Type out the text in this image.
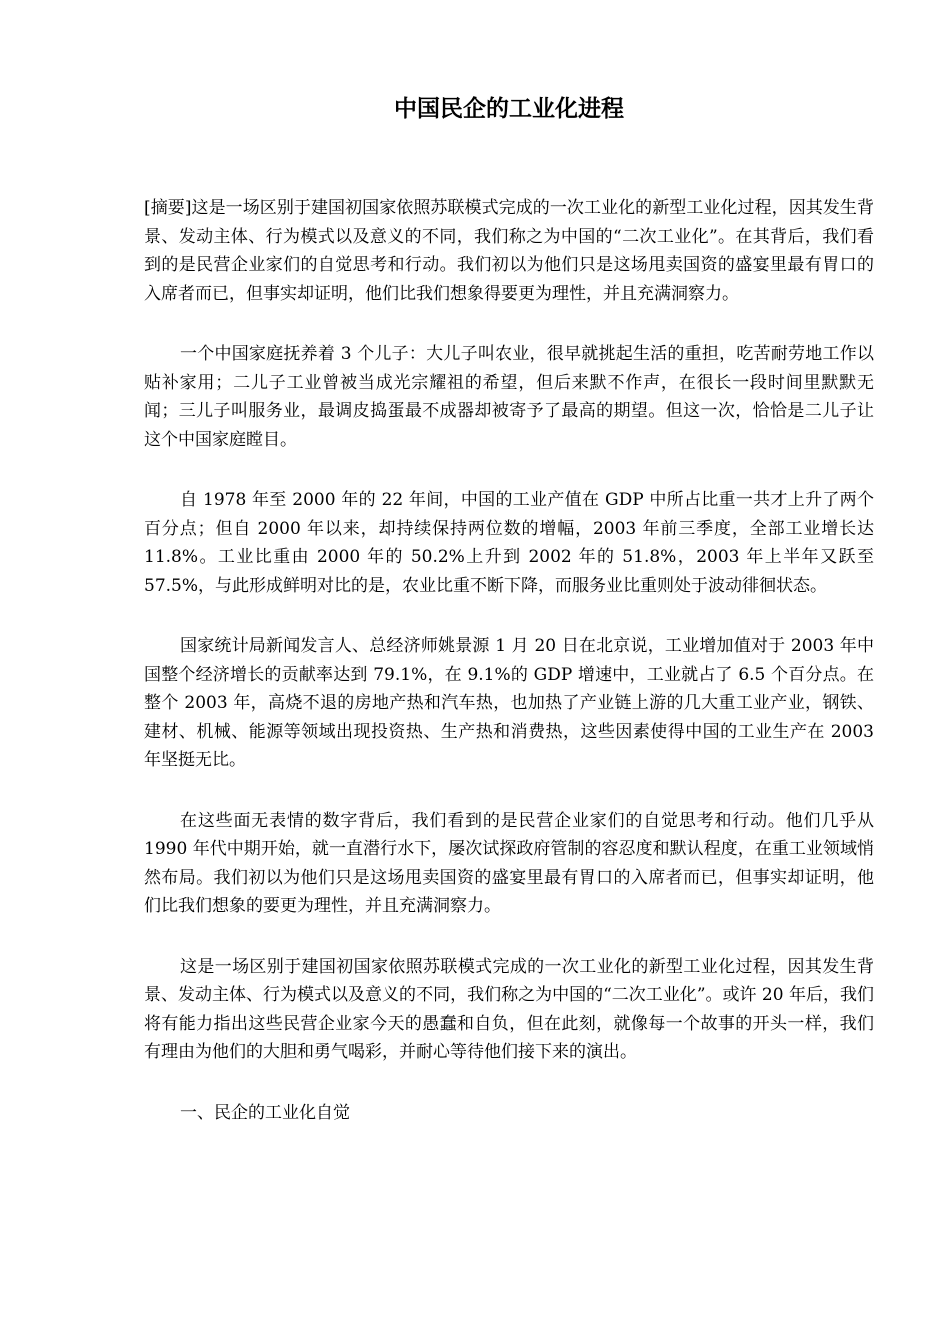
中国民企的工业化进程

[摘要]这是一场区别于建国初国家依照苏联模式完成的一次工业化的新型工业化过程，因其发生背景、发动主体、行为模式以及意义的不同，我们称之为中国的“二次工业化”。在其背后，我们看到的是民营企业家们的自觉思考和行动。我们初以为他们只是这场甩卖国资的盛宴里最有胃口的入席者而已，但事实却证明，他们比我们想象得要更为理性，并且充满洞察力。

一个中国家庭抚养着 3 个儿子：大儿子叫农业，很早就挑起生活的重担，吃苦耐劳地工作以贴补家用；二儿子工业曾被当成光宗耀祖的希望，但后来默不作声，在很长一段时间里默默无闻；三儿子叫服务业，最调皮捣蛋最不成器却被寄予了最高的期望。但这一次，恰恰是二儿子让这个中国家庭瞠目。

自 1978 年至 2000 年的 22 年间，中国的工业产值在 GDP 中所占比重一共才上升了两个百分点；但自 2000 年以来，却持续保持两位数的增幅，2003 年前三季度，全部工业增长达 11.8%。工业比重由 2000 年的 50.2%上升到 2002 年的 51.8%，2003 年上半年又跃至 57.5%，与此形成鲜明对比的是，农业比重不断下降，而服务业比重则处于波动徘徊状态。

国家统计局新闻发言人、总经济师姚景源 1 月 20 日在北京说，工业增加值对于 2003 年中国整个经济增长的贡献率达到 79.1%，在 9.1%的 GDP 增速中，工业就占了 6.5 个百分点。在整个 2003 年，高烧不退的房地产热和汽车热，也加热了产业链上游的几大重工业产业，钢铁、建材、机械、能源等领域出现投资热、生产热和消费热，这些因素使得中国的工业生产在 2003 年坚挺无比。

在这些面无表情的数字背后，我们看到的是民营企业家们的自觉思考和行动。他们几乎从 1990 年代中期开始，就一直潜行水下，屡次试探政府管制的容忍度和默认程度，在重工业领域悄然布局。我们初以为他们只是这场甩卖国资的盛宴里最有胃口的入席者而已，但事实却证明，他们比我们想象的要更为理性，并且充满洞察力。

这是一场区别于建国初国家依照苏联模式完成的一次工业化的新型工业化过程，因其发生背景、发动主体、行为模式以及意义的不同，我们称之为中国的“二次工业化”。或许 20 年后，我们将有能力指出这些民营企业家今天的愚蠢和自负，但在此刻，就像每一个故事的开头一样，我们有理由为他们的大胆和勇气喝彩，并耐心等待他们接下来的演出。

一、民企的工业化自觉
